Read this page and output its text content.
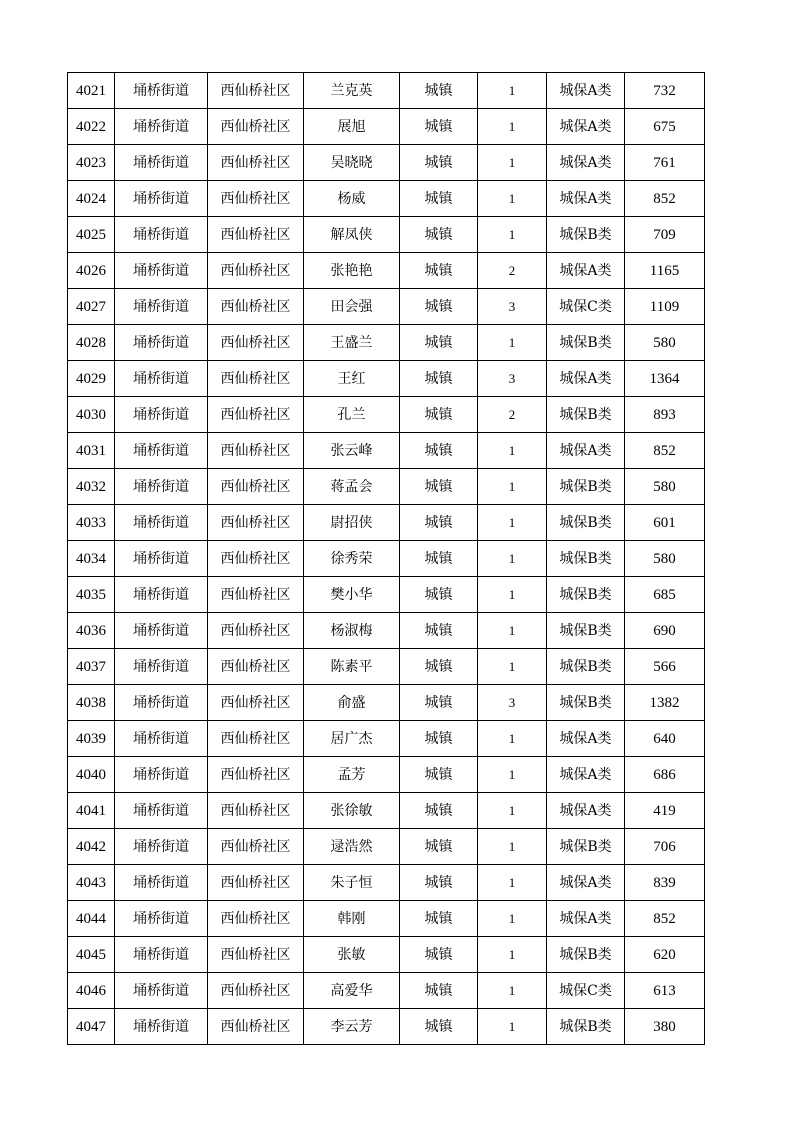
4021	埇桥街道	西仙桥社区	兰克英	城镇	1	城保A类	732
4022	埇桥街道	西仙桥社区	展旭	城镇	1	城保A类	675
4023	埇桥街道	西仙桥社区	吴晓晓	城镇	1	城保A类	761
4024	埇桥街道	西仙桥社区	杨威	城镇	1	城保A类	852
4025	埇桥街道	西仙桥社区	解凤侠	城镇	1	城保B类	709
4026	埇桥街道	西仙桥社区	张艳艳	城镇	2	城保A类	1165
4027	埇桥街道	西仙桥社区	田会强	城镇	3	城保C类	1109
4028	埇桥街道	西仙桥社区	王盛兰	城镇	1	城保B类	580
4029	埇桥街道	西仙桥社区	王红	城镇	3	城保A类	1364
4030	埇桥街道	西仙桥社区	孔兰	城镇	2	城保B类	893
4031	埇桥街道	西仙桥社区	张云峰	城镇	1	城保A类	852
4032	埇桥街道	西仙桥社区	蒋孟会	城镇	1	城保B类	580
4033	埇桥街道	西仙桥社区	尉招侠	城镇	1	城保B类	601
4034	埇桥街道	西仙桥社区	徐秀荣	城镇	1	城保B类	580
4035	埇桥街道	西仙桥社区	樊小华	城镇	1	城保B类	685
4036	埇桥街道	西仙桥社区	杨淑梅	城镇	1	城保B类	690
4037	埇桥街道	西仙桥社区	陈素平	城镇	1	城保B类	566
4038	埇桥街道	西仙桥社区	俞盛	城镇	3	城保B类	1382
4039	埇桥街道	西仙桥社区	居广杰	城镇	1	城保A类	640
4040	埇桥街道	西仙桥社区	孟芳	城镇	1	城保A类	686
4041	埇桥街道	西仙桥社区	张徐敏	城镇	1	城保A类	419
4042	埇桥街道	西仙桥社区	逯浩然	城镇	1	城保B类	706
4043	埇桥街道	西仙桥社区	朱子恒	城镇	1	城保A类	839
4044	埇桥街道	西仙桥社区	韩刚	城镇	1	城保A类	852
4045	埇桥街道	西仙桥社区	张敏	城镇	1	城保B类	620
4046	埇桥街道	西仙桥社区	高爱华	城镇	1	城保C类	613
4047	埇桥街道	西仙桥社区	李云芳	城镇	1	城保B类	380
